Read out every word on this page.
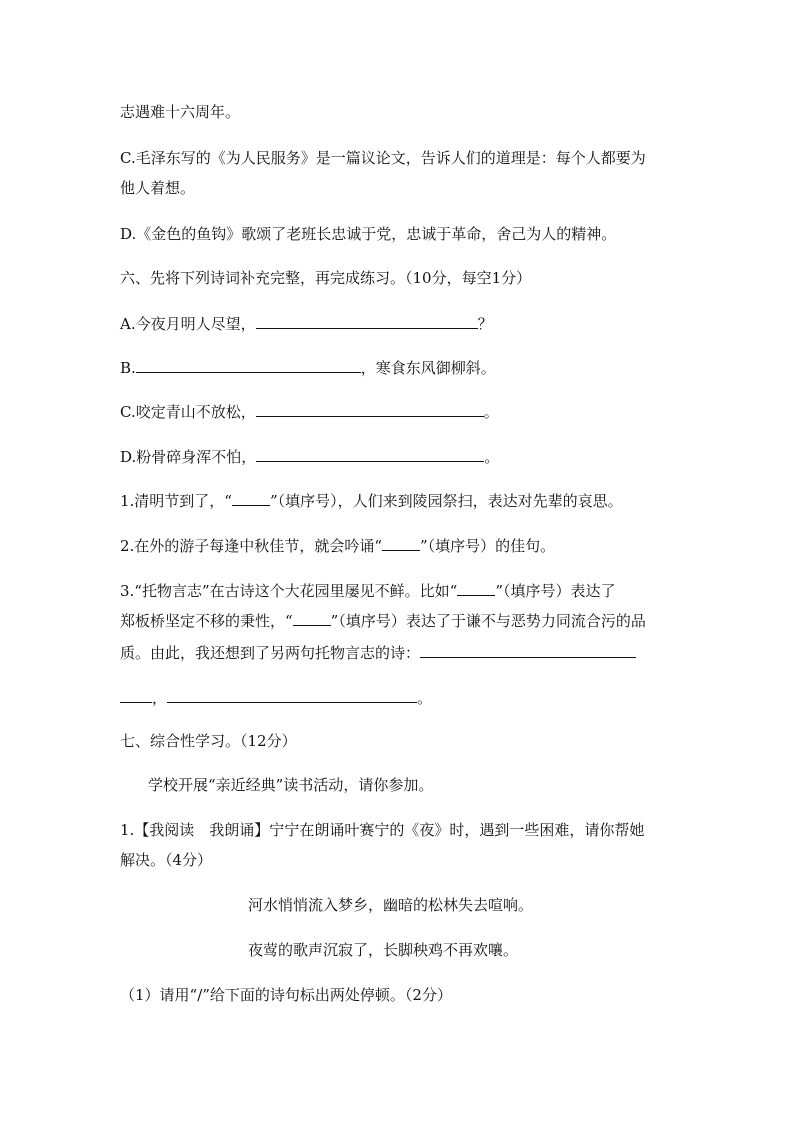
志遇难十六周年。
C.毛泽东写的《为人民服务》是一篇议论文，告诉人们的道理是：每个人都要为
他人着想。
D.《金色的鱼钩》歌颂了老班长忠诚于党，忠诚于革命，舍己为人的精神。
六、先将下列诗词补充完整，再完成练习。（10分，每空1分）
A.今夜月明人尽望，	？
B.	，寒食东风御柳斜。
C.咬定青山不放松，	。
D.粉骨碎身浑不怕，	。
1.清明节到了，“	”（填序号），人们来到陵园祭扫，表达对先辈的哀思。
2.在外的游子每逢中秋佳节，就会吟诵“	”（填序号）的佳句。
3.“托物言志”在古诗这个大花园里屡见不鲜。比如“	”（填序号）表达了
郑板桥坚定不移的秉性，“	”（填序号）表达了于谦不与恶势力同流合污的品
质。由此，我还想到了另两句托物言志的诗：
，	。
七、综合性学习。（12分）
学校开展“亲近经典”读书活动，请你参加。
1.【我阅读　我朗诵】宁宁在朗诵叶赛宁的《夜》时，遇到一些困难，请你帮她
解决。（4分）
河水悄悄流入梦乡，幽暗的松林失去喧响。
夜莺的歌声沉寂了，长脚秧鸡不再欢嚷。
（1）请用“/”给下面的诗句标出两处停顿。（2分）
